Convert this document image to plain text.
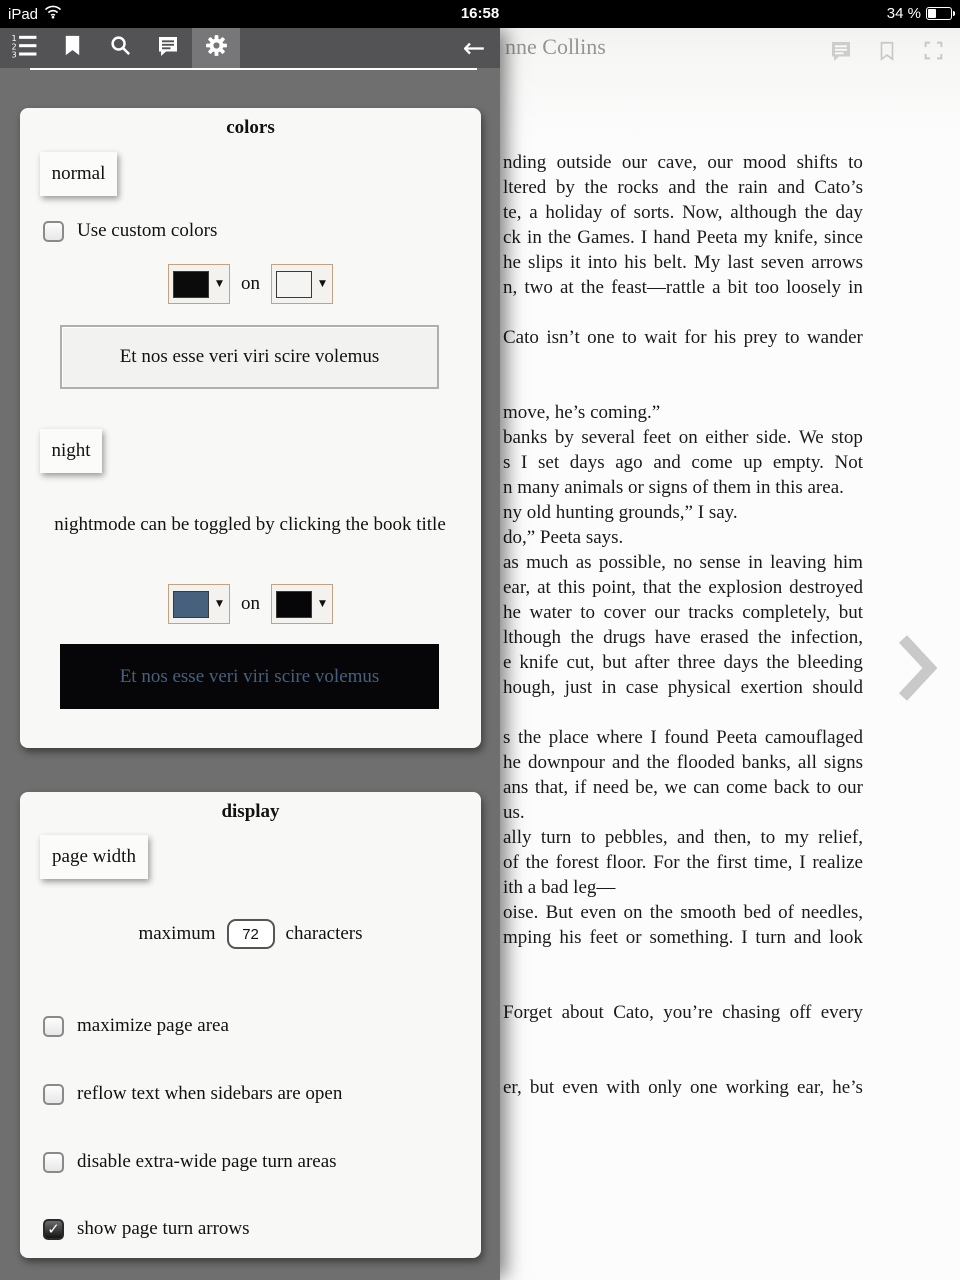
nne Collins
nding outside our cave, our mood shifts to
ltered by the rocks and the rain and Cato’s
te, a holiday of sorts. Now, although the day
ck in the Games. I hand Peeta my knife, since
he slips it into his belt. My last seven arrows
n, two at the feast—rattle a bit too loosely in
Cato isn’t one to wait for his prey to wander
move, he’s coming.”
banks by several feet on either side. We stop
s I set days ago and come up empty. Not
n many animals or signs of them in this area.
ny old hunting grounds,” I say.
do,” Peeta says.
as much as possible, no sense in leaving him
ear, at this point, that the explosion destroyed
he water to cover our tracks completely, but
lthough the drugs have erased the infection,
e knife cut, but after three days the bleeding
hough, just in case physical exertion should
s the place where I found Peeta camouflaged
he downpour and the flooded banks, all signs
ans that, if need be, we can come back to our
us.
ally turn to pebbles, and then, to my relief,
of the forest floor. For the first time, I realize
ith a bad leg—
oise. But even on the smooth bed of needles,
mping his feet or something. I turn and look
Forget about Cato, you’re chasing off every
er, but even with only one working ear, he’s
1
2
3	←
colors
normal
Use custom colors
▼ on	▼
Et nos esse veri viri scire volemus
night
nightmode can be toggled by clicking the book title
▼ on	▼
Et nos esse veri viri scire volemus
display
page width
maximum
72	characters
maximize page area
reflow text when sidebars are open
disable extra-wide page turn areas
✓ show page turn arrows
iPad	16:58	34 %
